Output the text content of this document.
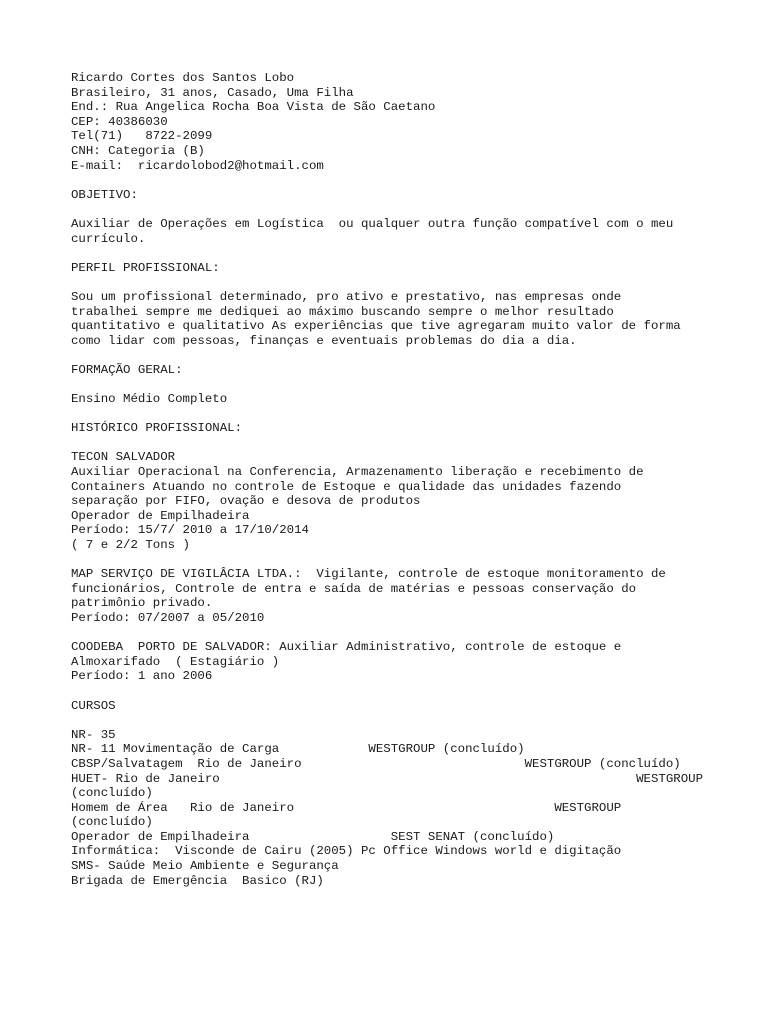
Ricardo Cortes dos Santos Lobo
Brasileiro, 31 anos, Casado, Uma Filha
End.: Rua Angelica Rocha Boa Vista de São Caetano
CEP: 40386030
Tel(71)   8722-2099
CNH: Categoria (B)
E-mail:  ricardolobod2@hotmail.com
OBJETIVO:
Auxiliar de Operações em Logística  ou qualquer outra função compatível com o meu
currículo.
PERFIL PROFISSIONAL:
Sou um profissional determinado, pro ativo e prestativo, nas empresas onde
trabalhei sempre me dediquei ao máximo buscando sempre o melhor resultado
quantitativo e qualitativo As experiências que tive agregaram muito valor de forma
como lidar com pessoas, finanças e eventuais problemas do dia a dia.
FORMAÇÃO GERAL:
Ensino Médio Completo
HISTÓRICO PROFISSIONAL:
TECON SALVADOR
Auxiliar Operacional na Conferencia, Armazenamento liberação e recebimento de
Containers Atuando no controle de Estoque e qualidade das unidades fazendo
separação por FIFO, ovação e desova de produtos
Operador de Empilhadeira
Período: 15/7/ 2010 a 17/10/2014
( 7 e 2/2 Tons )
MAP SERVIÇO DE VIGILÂCIA LTDA.:  Vigilante, controle de estoque monitoramento de
funcionários, Controle de entra e saída de matérias e pessoas conservação do
patrimônio privado.
Período: 07/2007 a 05/2010
COODEBA  PORTO DE SALVADOR: Auxiliar Administrativo, controle de estoque e
Almoxarifado  ( Estagiário )
Período: 1 ano 2006
CURSOS
NR- 35
NR- 11 Movimentação de Carga            WESTGROUP (concluído)
CBSP/Salvatagem  Rio de Janeiro                              WESTGROUP (concluído)
HUET- Rio de Janeiro                                                        WESTGROUP
(concluído)
Homem de Área   Rio de Janeiro                                   WESTGROUP
(concluído)
Operador de Empilhadeira                   SEST SENAT (concluído)
Informática:  Visconde de Cairu (2005) Pc Office Windows world e digitação
SMS- Saúde Meio Ambiente e Segurança
Brigada de Emergência  Basico (RJ)
